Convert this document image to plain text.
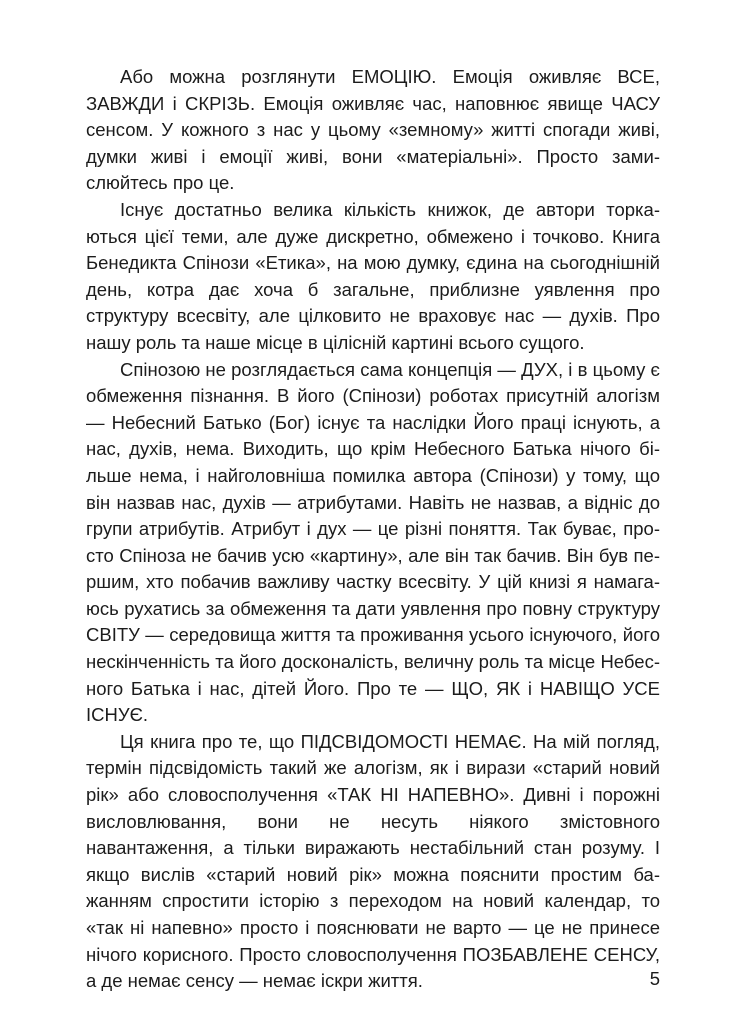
Або можна розглянути ЕМОЦІЮ. Емоція оживляє ВСЕ, ЗАВЖДИ і СКРІЗЬ. Емоція оживляє час, наповнює явище ЧАСУ сенсом. У кожного з нас у цьому «земному» житті спогади живі, думки живі і емоції живі, вони «матеріальні». Просто замислюйтесь про це.

Існує достатньо велика кількість книжок, де автори торкаються цієї теми, але дуже дискретно, обмежено і точково. Книга Бенедикта Спінози «Етика», на мою думку, єдина на сьогоднішній день, котра дає хоча б загальне, приблизне уявлення про структуру всесвіту, але цілковито не враховує нас — духів. Про нашу роль та наше місце в цілісній картині всього сущого.

Спінозою не розглядається сама концепція — ДУХ, і в цьому є обмеження пізнання. В його (Спінози) роботах присутній алогізм — Небесний Батько (Бог) існує та наслідки Його праці існують, а нас, духів, нема. Виходить, що крім Небесного Батька нічого більше нема, і найголовніша помилка автора (Спінози) у тому, що він назвав нас, духів — атрибутами. Навіть не назвав, а відніс до групи атрибутів. Атрибут і дух — це різні поняття. Так буває, просто Спіноза не бачив усю «картину», але він так бачив. Він був першим, хто побачив важливу частку всесвіту. У цій книзі я намагаюсь рухатись за обмеження та дати уявлення про повну структуру СВІТУ — середовища життя та проживання усього існуючого, його нескінченність та його досконалість, величну роль та місце Небесного Батька і нас, дітей Його. Про те — ЩО, ЯК і НАВІЩО УСЕ ІСНУЄ.

Ця книга про те, що ПІДСВІДОМОСТІ НЕМАЄ. На мій погляд, термін підсвідомість такий же алогізм, як і вирази «старий новий рік» або словосполучення «ТАК НІ НАПЕВНО». Дивні і порожні висловлювання, вони не несуть ніякого змістовного навантаження, а тільки виражають нестабільний стан розуму. І якщо вислів «старий новий рік» можна пояснити простим бажанням спростити історію з переходом на новий календар, то «так ні напевно» просто і пояснювати не варто — це не принесе нічого корисного. Просто словосполучення ПОЗБАВЛЕНЕ СЕНСУ, а де немає сенсу — немає іскри життя.	5
